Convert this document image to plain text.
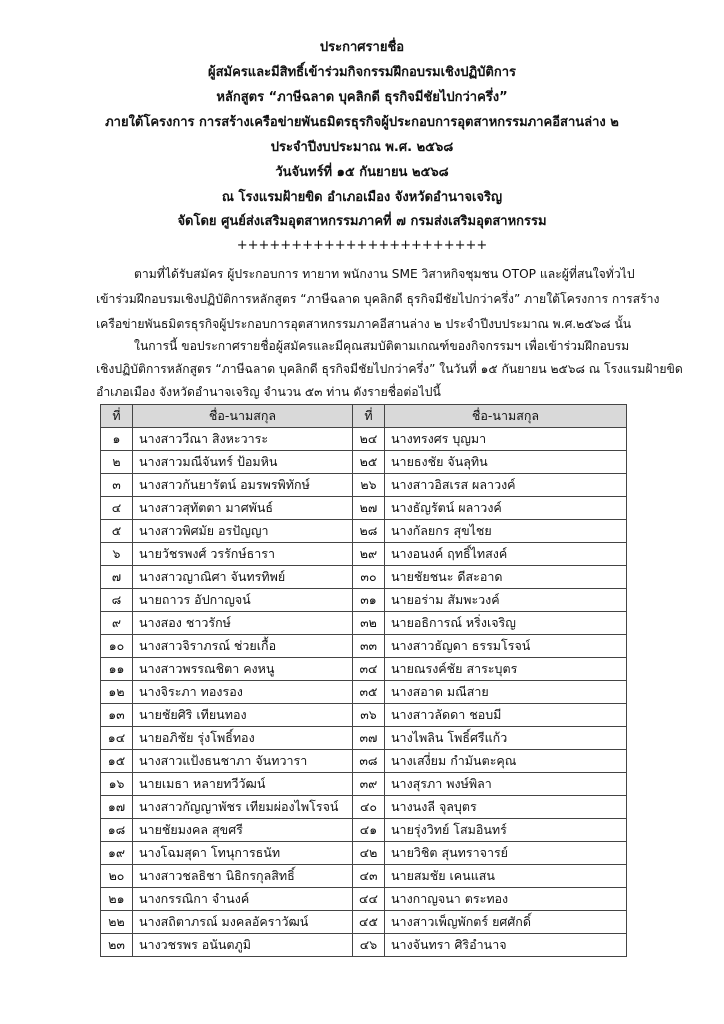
ประกาศรายชื่อ
ผู้สมัครและมีสิทธิ์เข้าร่วมกิจกรรมฝึกอบรมเชิงปฏิบัติการ
หลักสูตร “ภาษีฉลาด บุคลิกดี ธุรกิจมีชัยไปกว่าครึ่ง”
ภายใต้โครงการ การสร้างเครือข่ายพันธมิตรธุรกิจผู้ประกอบการอุตสาหกรรมภาคอีสานล่าง ๒
ประจำปีงบประมาณ พ.ศ. ๒๕๖๘
วันจันทร์ที่ ๑๕ กันยายน ๒๕๖๘
ณ โรงแรมฝ้ายขิด อำเภอเมือง จังหวัดอำนาจเจริญ
จัดโดย ศูนย์ส่งเสริมอุตสาหกรรมภาคที่ ๗ กรมส่งเสริมอุตสาหกรรม
+++++++++++++++++++++++
ตามที่ได้รับสมัคร ผู้ประกอบการ ทายาท พนักงาน SME วิสาหกิจชุมชน OTOP และผู้ที่สนใจทั่วไป
เข้าร่วมฝึกอบรมเชิงปฏิบัติการหลักสูตร “ภาษีฉลาด บุคลิกดี ธุรกิจมีชัยไปกว่าครึ่ง” ภายใต้โครงการ การสร้าง
เครือข่ายพันธมิตรธุรกิจผู้ประกอบการอุตสาหกรรมภาคอีสานล่าง ๒ ประจำปีงบประมาณ พ.ศ.๒๕๖๘ นั้น
ในการนี้ ขอประกาศรายชื่อผู้สมัครและมีคุณสมบัติตามเกณฑ์ของกิจกรรมฯ เพื่อเข้าร่วมฝึกอบรม
เชิงปฏิบัติการหลักสูตร “ภาษีฉลาด บุคลิกดี ธุรกิจมีชัยไปกว่าครึ่ง” ในวันที่ ๑๕ กันยายน ๒๕๖๘ ณ โรงแรมฝ้ายขิด
อำเภอเมือง จังหวัดอำนาจเจริญ จำนวน ๕๓ ท่าน ดังรายชื่อต่อไปนี้
ที่	ชื่อ-นามสกุล	ที่	ชื่อ-นามสกุล
๑	นางสาววีณา สิงหะวาระ	๒๔	นางทรงศร บุญมา
๒	นางสาวมณีจันทร์ ป้อมหิน	๒๕	นายธงชัย จันลุทิน
๓	นางสาวกันยารัตน์ อมรพรพิทักษ์	๒๖	นางสาวอิสเรส ผลาวงค์
๔	นางสาวสุทัตตา มาศพันธ์	๒๗	นางธัญรัตน์ ผลาวงค์
๕	นางสาวพิศมัย อรปัญญา	๒๘	นางกัลยกร สุขไชย
๖	นายวัชรพงศ์ วรรักษ์ธารา	๒๙	นางอนงค์ ฤทธิ์ไทสงค์
๗	นางสาวญาณิศา จันทรทิพย์	๓๐	นายชัยชนะ ดีสะอาด
๘	นายถาวร อัปกาญจน์	๓๑	นายอร่าม สัมพะวงค์
๙	นางสอง ชาวรักษ์	๓๒	นายอธิการณ์ หริ่งเจริญ
๑๐	นางสาวจิราภรณ์ ช่วยเกื้อ	๓๓	นางสาวธัญดา ธรรมโรจน์
๑๑	นางสาวพรรณชิตา คงหนู	๓๔	นายณรงค์ชัย สาระบุตร
๑๒	นางจิระภา ทองรอง	๓๕	นางสอาด มณีสาย
๑๓	นายชัยศิริ เทียนทอง	๓๖	นางสาวลัดดา ชอบมี
๑๔	นายอภิชัย รุ่งโพธิ์ทอง	๓๗	นางไพลิน โพธิ์ศรีแก้ว
๑๕	นางสาวแป้งธนชาภา จันทวารา	๓๘	นางเสงี่ยม กำมันตะคุณ
๑๖	นายเมธา หลายทวีวัฒน์	๓๙	นางสุรภา พงษ์พิลา
๑๗	นางสาวกัญญาพัชร เทียมผ่องไพโรจน์	๔๐	นางนงลี จุลบุตร
๑๘	นายชัยมงคล สุขศรี	๔๑	นายรุ่งวิทย์ โสมอินทร์
๑๙	นางโฉมสุดา โทนุการธนัท	๔๒	นายวิชิต สุนทราจารย์
๒๐	นางสาวชลธิชา นิธิกรกุลสิทธิ์	๔๓	นายสมชัย เคนแสน
๒๑	นางกรรณิกา จำนงค์	๔๔	นางกาญจนา ตระทอง
๒๒	นางสถิตาภรณ์ มงคลอัคราวัฒน์	๔๕	นางสาวเพ็ญพักตร์ ยศศักดิ์
๒๓	นางวชรพร อนันตภูมิ	๔๖	นางจันทรา ศิริอำนาจ
